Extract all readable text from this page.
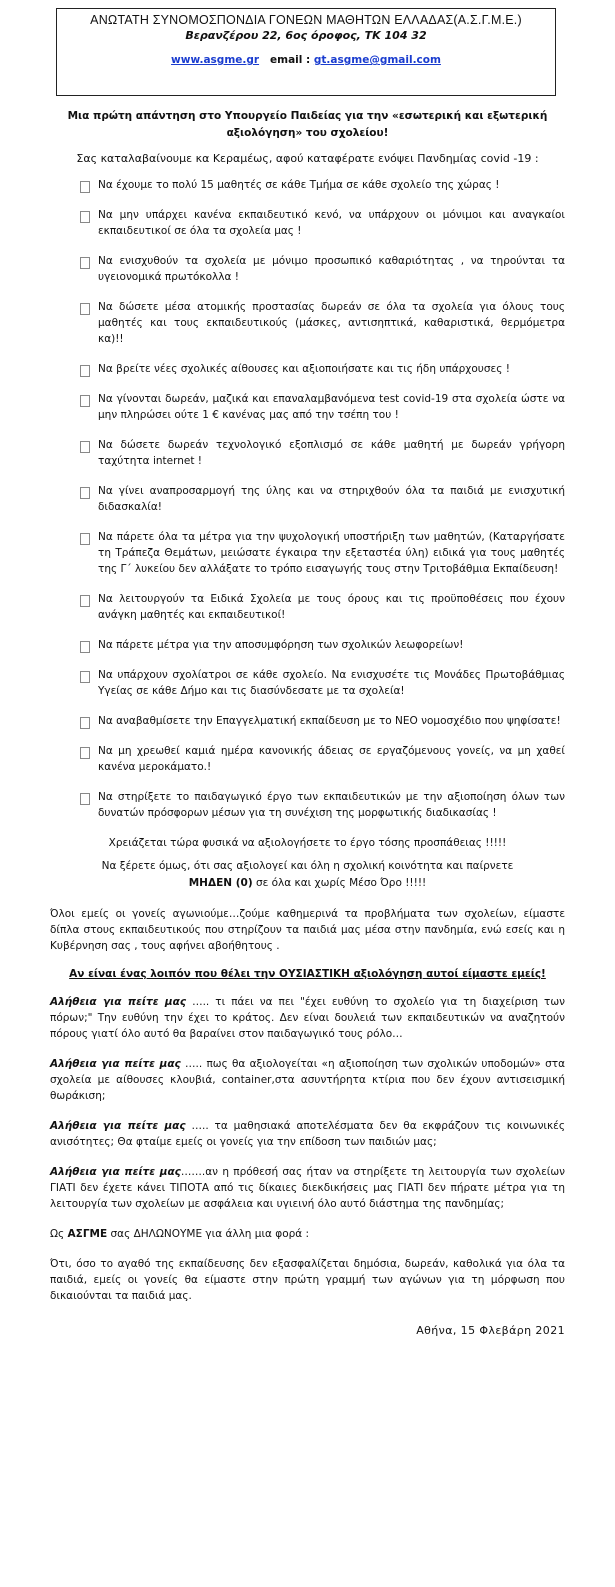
ΑΝΩΤΑΤΗ ΣΥΝΟΜΟΣΠΟΝΔΙΑ ΓΟΝΕΩΝ ΜΑΘΗΤΩΝ ΕΛΛΑΔΑΣ(Α.Σ.Γ.Μ.Ε.)
Βερανζέρου 22, 6ος όροφος, ΤΚ 104 32
www.asgme.gr email : gt.asgme@gmail.com
Μια πρώτη απάντηση στο Υπουργείο Παιδείας για την «εσωτερική και εξωτερική αξιολόγηση» του σχολείου!
Σας καταλαβαίνουμε κα Κεραμέως, αφού καταφέρατε ενόψει Πανδημίας covid -19 :
Να έχουμε το πολύ 15 μαθητές σε κάθε Τμήμα σε κάθε σχολείο της χώρας !
Να μην υπάρχει κανένα εκπαιδευτικό κενό, να υπάρχουν οι μόνιμοι και αναγκαίοι εκπαιδευτικοί σε όλα τα σχολεία μας !
Να ενισχυθούν τα σχολεία με μόνιμο προσωπικό καθαριότητας , να τηρούνται τα υγειονομικά πρωτόκολλα !
Να δώσετε μέσα ατομικής προστασίας δωρεάν σε όλα τα σχολεία για όλους τους μαθητές και τους εκπαιδευτικούς (μάσκες, αντισηπτικά, καθαριστικά, θερμόμετρα κα)!!
Να βρείτε νέες σχολικές αίθουσες και αξιοποιήσατε και τις ήδη υπάρχουσες !
Να γίνονται δωρεάν, μαζικά και επαναλαμβανόμενα test covid-19 στα σχολεία ώστε να μην πληρώσει ούτε 1 € κανένας μας από την τσέπη του !
Να δώσετε δωρεάν τεχνολογικό εξοπλισμό σε κάθε μαθητή με δωρεάν γρήγορη ταχύτητα internet !
Να γίνει αναπροσαρμογή της ύλης και να στηριχθούν όλα τα παιδιά με ενισχυτική διδασκαλία!
Να πάρετε όλα τα μέτρα για την ψυχολογική υποστήριξη των μαθητών, (Καταργήσατε τη Τράπεζα Θεμάτων, μειώσατε έγκαιρα την εξεταστέα ύλη) ειδικά για τους μαθητές της Γ΄ λυκείου δεν αλλάξατε το τρόπο εισαγωγής τους στην Τριτοβάθμια Εκπαίδευση!
Να λειτουργούν τα Ειδικά Σχολεία με τους όρους και τις προϋποθέσεις που έχουν ανάγκη μαθητές και εκπαιδευτικοί!
Να πάρετε μέτρα για την αποσυμφόρηση των σχολικών λεωφορείων!
Να υπάρχουν σχολίατροι σε κάθε σχολείο. Να ενισχυσέτε τις Μονάδες Πρωτοβάθμιας Υγείας σε κάθε Δήμο και τις διασύνδεσατε με τα σχολεία!
Να αναβαθμίσετε την Επαγγελματική εκπαίδευση με το ΝΕΟ νομοσχέδιο που ψηφίσατε!
Να μη χρεωθεί καμιά ημέρα κανονικής άδειας σε εργαζόμενους γονείς, να μη χαθεί κανένα μεροκάματο.!
Να στηρίξετε το παιδαγωγικό έργο των εκπαιδευτικών με την αξιοποίηση όλων των δυνατών πρόσφορων μέσων για τη συνέχιση της μορφωτικής διαδικασίας !
Χρειάζεται τώρα φυσικά να αξιολογήσετε το έργο τόσης προσπάθειας !!!!!
Να ξέρετε όμως, ότι σας αξιολογεί και όλη η σχολική κοινότητα και παίρνετε
ΜΗΔΕΝ (0) σε όλα και χωρίς Μέσο Όρο !!!!!
Όλοι εμείς οι γονείς αγωνιούμε…ζούμε καθημερινά τα προβλήματα των σχολείων, είμαστε δίπλα στους εκπαιδευτικούς που στηρίζουν τα παιδιά μας μέσα στην πανδημία, ενώ εσείς και η Κυβέρνηση σας , τους αφήνει αβοήθητους .
Αν είναι ένας λοιπόν που θέλει την ΟΥΣΙΑΣΤΙΚΗ αξιολόγηση αυτοί είμαστε εμείς!
Αλήθεια για πείτε μας ….. τι πάει να πει "έχει ευθύνη το σχολείο για τη διαχείριση των πόρων;" Την ευθύνη την έχει το κράτος. Δεν είναι δουλειά των εκπαιδευτικών να αναζητούν πόρους γιατί όλο αυτό θα βαραίνει στον παιδαγωγικό τους ρόλο…
Αλήθεια για πείτε μας ….. πως θα αξιολογείται «η αξιοποίηση των σχολικών υποδομών» στα σχολεία με αίθουσες κλουβιά, container,στα ασυντήρητα κτίρια που δεν έχουν αντισεισμική θωράκιση;
Αλήθεια για πείτε μας ….. τα μαθησιακά αποτελέσματα δεν θα εκφράζουν τις κοινωνικές ανισότητες; Θα φταίμε εμείς οι γονείς για την επίδοση των παιδιών μας;
Αλήθεια για πείτε μας…….αν η πρόθεσή σας ήταν να στηρίξετε τη λειτουργία των σχολείων ΓΙΑΤΙ δεν έχετε κάνει ΤΙΠΟΤΑ από τις δίκαιες διεκδικήσεις μας ΓΙΑΤΙ δεν πήρατε μέτρα για τη λειτουργία των σχολείων με ασφάλεια και υγιεινή όλο αυτό διάστημα της πανδημίας;
Ως ΑΣΓΜΕ σας ΔΗΛΩΝΟΥΜΕ για άλλη μια φορά :
Ότι, όσο το αγαθό της εκπαίδευσης δεν εξασφαλίζεται δημόσια, δωρεάν, καθολικά για όλα τα παιδιά, εμείς οι γονείς θα είμαστε στην πρώτη γραμμή των αγώνων για τη μόρφωση που δικαιούνται τα παιδιά μας.
Αθήνα, 15 Φλεβάρη 2021
